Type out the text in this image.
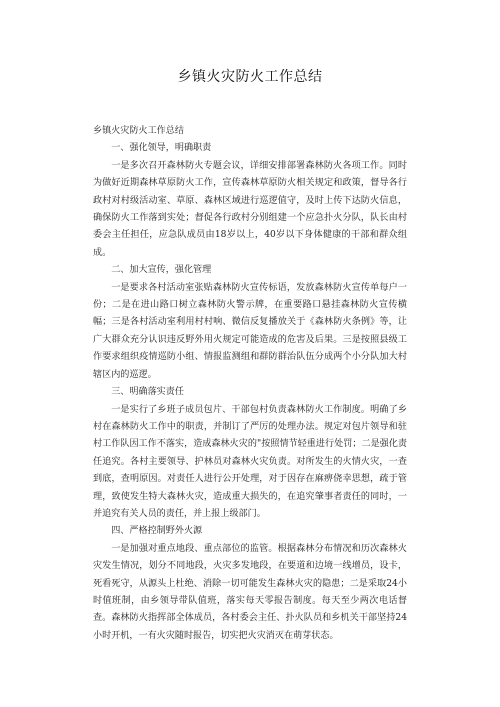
乡镇火灾防火工作总结

乡镇火灾防火工作总结

一、强化领导，明确职责

一是多次召开森林防火专题会议，详细安排部署森林防火各项工作。同时为做好近期森林草原防火工作，宣传森林草原防火相关规定和政策，督导各行政村对村级活动室、草原、森林区域进行巡逻值守，及时上传下达防火信息，确保防火工作落到实处；督促各行政村分别组建一个应急扑火分队，队长由村委会主任担任，应急队成员由18岁以上，40岁以下身体健康的干部和群众组成。

二、加大宣传，强化管理

一是要求各村活动室张贴森林防火宣传标语，发放森林防火宣传单每户一份；二是在进山路口树立森林防火警示牌，在重要路口悬挂森林防火宣传横幅；三是各村活动室利用村村响、微信反复播放关于《森林防火条例》等，让广大群众充分认识违反野外用火规定可能造成的危害及后果。三是按照县级工作要求组织疫情巡防小组、情报监测组和群防群治队伍分成两个小分队加大村辖区内的巡逻。

三、明确落实责任

一是实行了乡班子成员包片、干部包村负责森林防火工作制度。明确了乡村在森林防火工作中的职责，并制订了严厉的处理办法。规定对包片领导和驻村工作队因工作不落实，造成森林火灾的"按照情节轻重进行处罚；二是强化责任追究。各村主要领导、护林员对森林火灾负责。对所发生的火情火灾，一查到底，查明原因。对责任人进行公开处理，对于因存在麻痹侥幸思想，疏于管理，致使发生特大森林火灾，造成重大损失的，在追究肇事者责任的同时，一并追究有关人员的责任，并上报上级部门。

四、严格控制野外火源

一是加强对重点地段、重点部位的监管。根据森林分布情况和历次森林火灾发生情况，划分不同地段，火灾多发地段，在要道和边境一线增员，设卡，死看死守，从源头上杜绝、消除一切可能发生森林火灾的隐患；二是采取24小时值班制，由乡领导带队值班，落实每天零报告制度。每天至少两次电话督查。森林防火指挥部全体成员，各村委会主任、扑火队员和乡机关干部坚持24小时开机，一有火灾随时报告，切实把火灾消灭在萌芽状态。
